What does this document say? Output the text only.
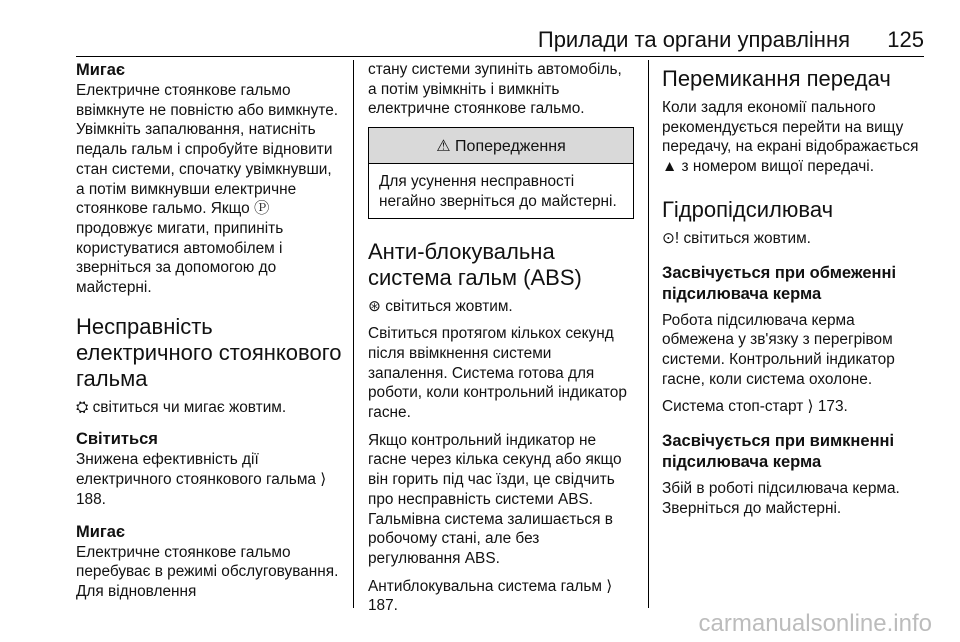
Прилади та органи управління 125
Мигає

Електричне стоянкове гальмо ввімкнуте не повністю або вимкнуте. Увімкніть запалювання, натисніть педаль гальм і спробуйте відновити стан системи, спочатку увімкнувши, а потім вимкнувши електричне стоянкове гальмо. Якщо Ⓟ продовжує мигати, припиніть користуватися автомобілем і зверніться за допомогою до майстерні.

Несправність електричного стоянкового гальма

⛭ світиться чи мигає жовтим.

Світиться

Знижена ефективність дії електричного стоянкового гальма ⟩ 188.

Мигає

Електричне стоянкове гальмо перебуває в режимі обслуговування. Для відновлення

стану системи зупиніть автомобіль, а потім увімкніть і вимкніть електричне стоянкове гальмо.

⚠ Попередження

Для усунення несправності негайно зверніться до майстерні.

Анти-блокувальна система гальм (ABS)

⊛ світиться жовтим.

Світиться протягом кількох секунд після ввімкнення системи запалення. Система готова для роботи, коли контрольний індикатор гасне.

Якщо контрольний індикатор не гасне через кілька секунд або якщо він горить під час їзди, це свідчить про несправність системи ABS. Гальмівна система залишається в робочому стані, але без регулювання ABS.

Антиблокувальна система гальм ⟩ 187.

Перемикання передач

Коли задля економії пального рекомендується перейти на вищу передачу, на екрані відображається ▲ з номером вищої передачі.

Гідропідсилювач

⊙! світиться жовтим.

Засвічується при обмеженні підсилювача керма

Робота підсилювача керма обмежена у зв'язку з перегрівом системи. Контрольний індикатор гасне, коли система охолоне.

Система стоп-старт ⟩ 173.

Засвічується при вимкненні підсилювача керма

Збій в роботі підсилювача керма. Зверніться до майстерні.

carmanualsonline.info
